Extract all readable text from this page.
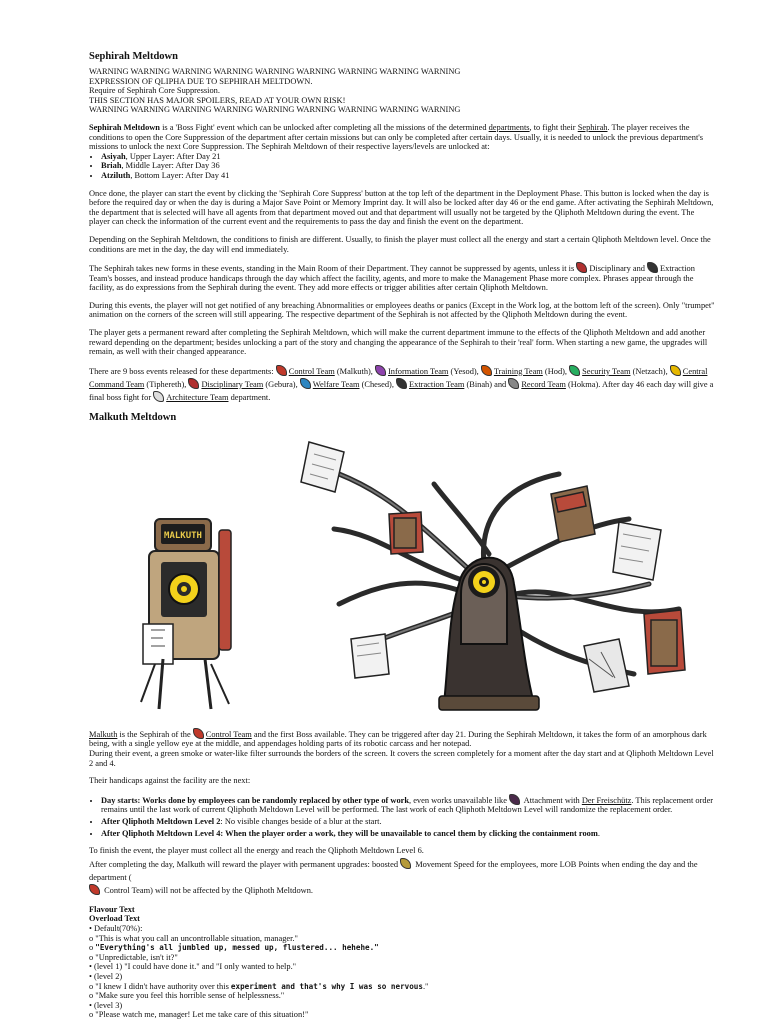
Sephirah Meltdown
WARNING WARNING WARNING WARNING WARNING WARNING WARNING WARNING WARNING
EXPRESSION OF QLIPHA DUE TO SEPHIRAH MELTDOWN.
Require of Sephirah Core Suppression.
THIS SECTION HAS MAJOR SPOILERS, READ AT YOUR OWN RISK!
WARNING WARNING WARNING WARNING WARNING WARNING WARNING WARNING WARNING

Sephirah Meltdown is a 'Boss Fight' event which can be unlocked after completing all the missions of the determined departments, to fight their Sephirah. The player receives the conditions to open the Core Suppression of the department after certain missions but can only be completed after certain days. Usually, it is needed to unlock the previous department's missions to unlock the next Core Suppression. The Sephirah Meltdown of their respective layers/levels are unlocked at:

• Asiyah, Upper Layer: After Day 21
• Briah, Middle Layer: After Day 36
• Atziluth, Bottom Layer: After Day 41

Once done, the player can start the event by clicking the 'Sephirah Core Suppress' button at the top left of the department in the Deployment Phase. This button is locked when the day is before the required day or when the day is during a Major Save Point or Memory Imprint day. It will also be locked after day 46 or the end game. After activating the Sephirah Meltdown, the department that is selected will have all agents from that department moved out and that department will usually not be targeted by the Qliphoth Meltdown during the event. The player can check the information of the current event and the requirements to pass the day and finish the event on the department.

Depending on the Sephirah Meltdown, the conditions to finish are different. Usually, to finish the player must collect all the energy and start a certain Qliphoth Meltdown level. Once the conditions are met in the day, the day will end immediately.

The Sephirah takes new forms in these events, standing in the Main Room of their Department. They cannot be suppressed by agents, unless it is Disciplinary and Extraction Team's bosses, and instead produce handicaps through the day which affect the facility, agents, and more to make the Management Phase more complex. Phrases appear through the facility, as do expressions from the Sephirah during the event. They add more effects or trigger abilities after certain Qliphoth Meltdown.

During this events, the player will not get notified of any breaching Abnormalities or employees deaths or panics (Except in the Work log, at the bottom left of the screen). Only "trumpet" animation on the corners of the screen will still appearing. The respective department of the Sephirah is not affected by the Qliphoth Meltdown during the event.

The player gets a permanent reward after completing the Sephirah Meltdown, which will make the current department immune to the effects of the Qliphoth Meltdown and add another reward depending on the department; besides unlocking a part of the story and changing the appearance of the Sephirah to their 'real' form. When starting a new game, the upgrades will remain, as well with their changed appearance.

There are 9 boss events released for these departments: Control Team (Malkuth), Information Team (Yesod), Training Team (Hod), Security Team (Netzach), Central Command Team (Tiphereth), Disciplinary Team (Gebura), Welfare Team (Chesed), Extraction Team (Binah) and Record Team (Hokma). After day 46 each day will give a final boss fight for Architecture Team department.

Malkuth Meltdown
MALKUTH

Malkuth is the Sephirah of the Control Team and the first Boss available. They can be triggered after day 21. During the Sephirah Meltdown, it takes the form of an amorphous dark being, with a single yellow eye at the middle, and appendages holding parts of its robotic carcass and her notepad.

During their event, a green smoke or water-like filter surrounds the borders of the screen. It covers the screen completely for a moment after the day start and at Qliphoth Meltdown Level 2 and 4.

Their handicaps against the facility are the next:

• Day starts: Works done by employees can be randomly replaced by other type of work, even works unavailable like  Attachment with Der Freischütz. This replacement order remains until the last work of current Qliphoth Meltdown Level will be performed. The last work of each Qliphoth Meltdown Level will randomize the replacement order.
• After Qliphoth Meltdown Level 2: No visible changes beside of a blur at the start.
• After Qliphoth Meltdown Level 4: When the player order a work, they will be unavailable to cancel them by clicking the containment room.

To finish the event, the player must collect all the energy and reach the Qliphoth Meltdown Level 6.

After completing the day, Malkuth will reward the player with permanent upgrades: boosted  Movement Speed for the employees, more LOB Points when ending the day and the department (
Control Team) will not be affected by the Qliphoth Meltdown.

Flavour Text
Overload Text
• Default(70%):
o "This is what you call an uncontrollable situation, manager."
o "Everything's all jumbled up, messed up, flustered... hehehe."
o "Unpredictable, isn't it?"
• (level 1) "I could have done it." and "I only wanted to help."
• (level 2)
o "I knew I didn't have authority over this experiment and that's why I was so nervous."
o "Make sure you feel this horrible sense of helplessness."
• (level 3)
o "Please watch me, manager! Let me take care of this situation!"
